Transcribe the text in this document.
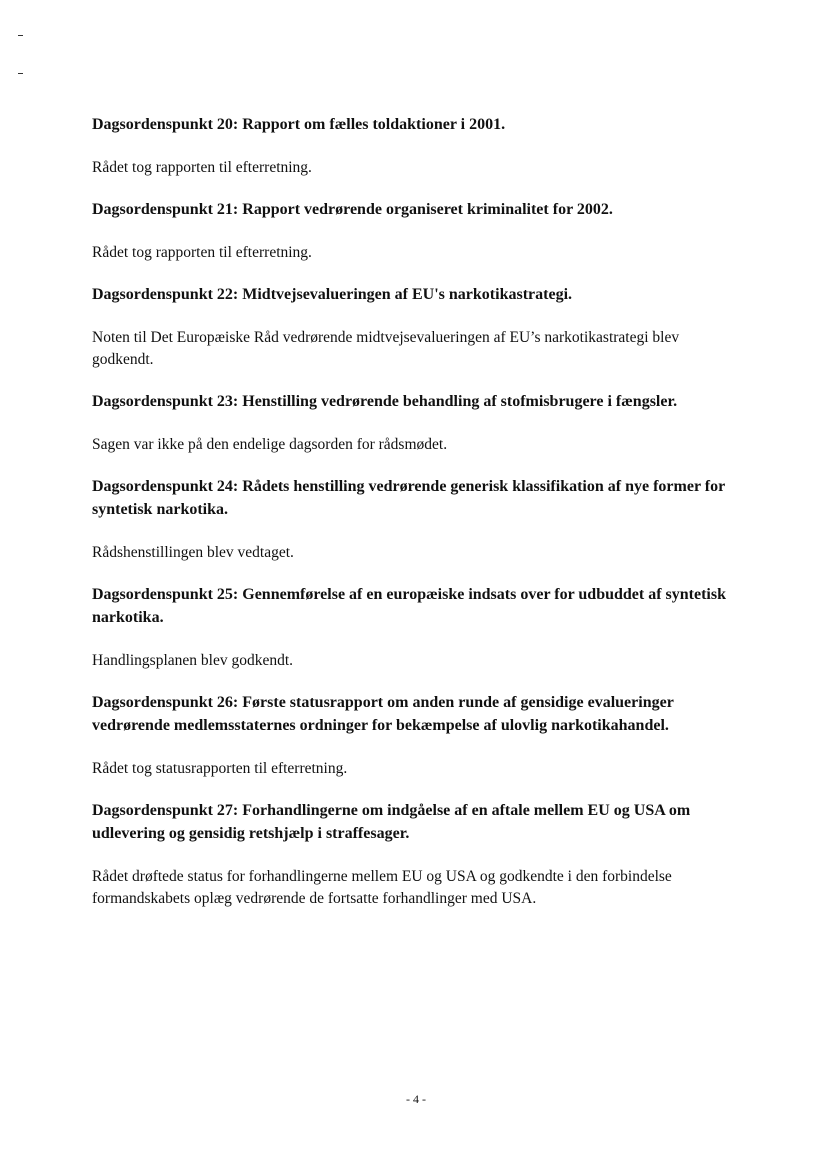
Dagsordenspunkt 20: Rapport om fælles toldaktioner i 2001.

Rådet tog rapporten til efterretning.

Dagsordenspunkt 21: Rapport vedrørende organiseret kriminalitet for 2002.

Rådet tog rapporten til efterretning.

Dagsordenspunkt 22: Midtvejsevalueringen af EU's narkotikastrategi.

Noten til Det Europæiske Råd vedrørende midtvejsevalueringen af EU’s narkotikastrategi blev godkendt.

Dagsordenspunkt 23: Henstilling vedrørende behandling af stofmisbrugere i fængsler.

Sagen var ikke på den endelige dagsorden for rådsmødet.

Dagsordenspunkt 24: Rådets henstilling vedrørende generisk klassifikation af nye former for syntetisk narkotika.

Rådshenstillingen blev vedtaget.

Dagsordenspunkt 25: Gennemførelse af en europæiske indsats over for udbuddet af syntetisk narkotika.

Handlingsplanen blev godkendt.

Dagsordenspunkt 26: Første statusrapport om anden runde af gensidige evalueringer vedrørende medlemsstaternes ordninger for bekæmpelse af ulovlig narkotikahandel.

Rådet tog statusrapporten til efterretning.

Dagsordenspunkt 27: Forhandlingerne om indgåelse af en aftale mellem EU og USA om udlevering og gensidig retshjælp i straffesager.

Rådet drøftede status for forhandlingerne mellem EU og USA og godkendte i den forbindelse formandskabets oplæg vedrørende de fortsatte forhandlinger med USA.

- 4 -
